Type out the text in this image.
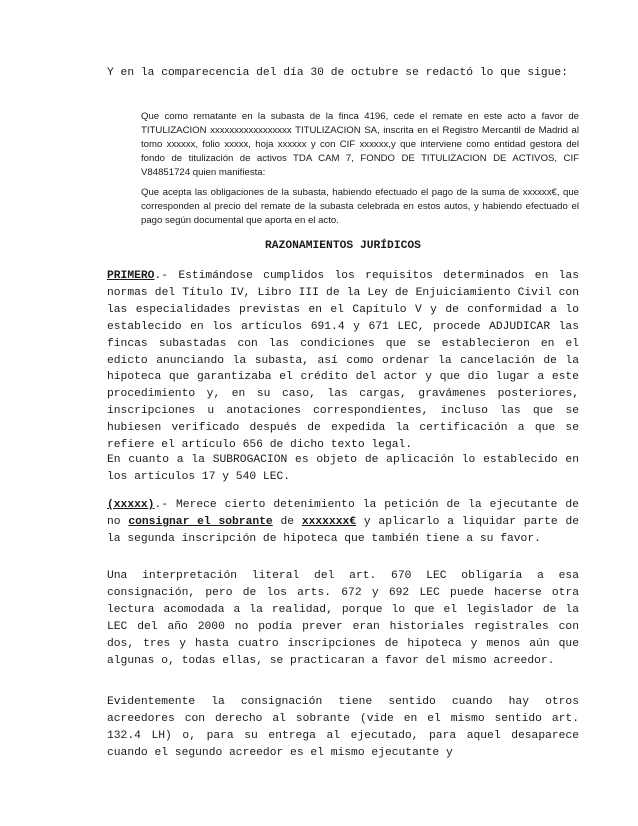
Y en la comparecencia del día 30 de octubre se redactó lo que sigue:

Que como rematante en la subasta de la finca 4196, cede el remate en este acto a favor de TITULIZACION xxxxxxxxxxxxxxxxx TITULIZACION SA, inscrita en el Registro Mercantil de Madrid al tomo xxxxxx, folio xxxxx, hoja xxxxxx y con CIF xxxxxx,y que interviene como entidad gestora del fondo de titulización de activos TDA CAM 7, FONDO DE TITULIZACION DE ACTIVOS, CIF V84851724 quien manifiesta:

Que acepta las obligaciones de la subasta, habiendo efectuado el pago de la suma de xxxxxx€, que corresponden al precio del remate de la subasta celebrada en estos autos, y habiendo efectuado el pago según documental que aporta en el acto.

RAZONAMIENTOS JURÍDICOS

PRIMERO.- Estimándose cumplidos los requisitos determinados en las normas del Título IV, Libro III de la Ley de Enjuiciamiento Civil con las especialidades previstas en el Capítulo V y de conformidad a lo establecido en los artículos 691.4 y 671 LEC, procede ADJUDICAR las fincas subastadas con las condiciones que se establecieron en el edicto anunciando la subasta, así como ordenar la cancelación de la hipoteca que garantizaba el crédito del actor y que dio lugar a este procedimiento y, en su caso, las cargas, gravámenes posteriores, inscripciones u anotaciones correspondientes, incluso las que se hubiesen verificado después de expedida la certificación a que se refiere el artículo 656 de dicho texto legal.

En cuanto a la SUBROGACION es objeto de aplicación lo establecido en los artículos 17 y 540 LEC.

(xxxxx).- Merece cierto detenimiento la petición de la ejecutante de no consignar el sobrante de xxxxxxx€ y aplicarlo a liquidar parte de la segunda inscripción de hipoteca que también tiene a su favor.

Una interpretación literal del art. 670 LEC obligaría a esa consignación, pero de los arts. 672 y 692 LEC puede hacerse otra lectura acomodada a la realidad, porque lo que el legislador de la LEC del año 2000 no podía prever eran historiales registrales con dos, tres y hasta cuatro inscripciones de hipoteca y menos aún que algunas o, todas ellas, se practicaran a favor del mismo acreedor.

Evidentemente la consignación tiene sentido cuando hay otros acreedores con derecho al sobrante (vide en el mismo sentido art. 132.4 LH) o, para su entrega al ejecutado, para aquel desaparece cuando el segundo acreedor es el mismo ejecutante y
